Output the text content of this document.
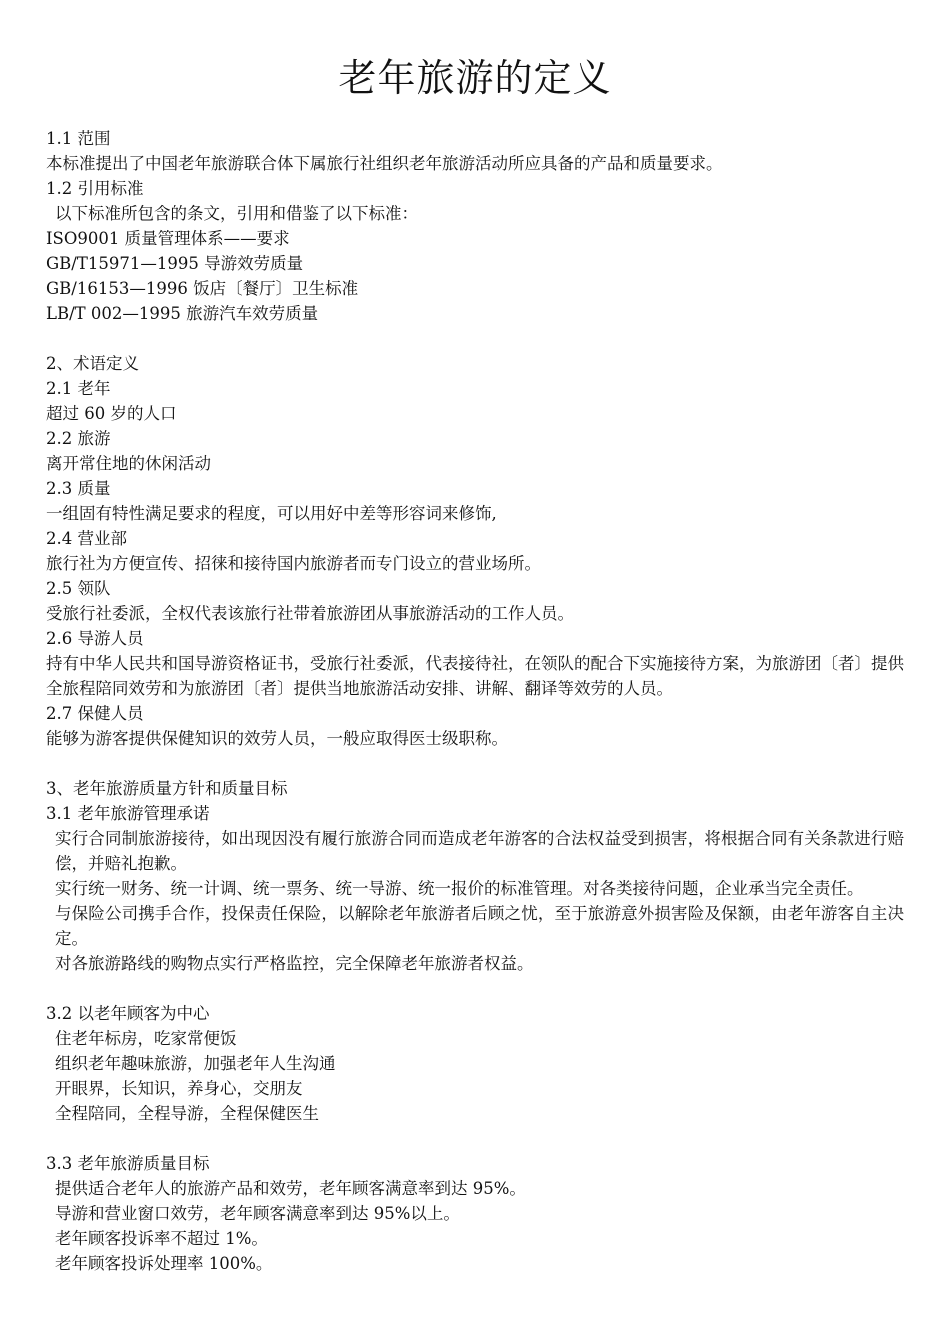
老年旅游的定义
1.1 范围
本标准提出了中国老年旅游联合体下属旅行社组织老年旅游活动所应具备的产品和质量要求。
1.2 引用标准
以下标准所包含的条文，引用和借鉴了以下标准：
ISO9001 质量管理体系——要求
GB/T15971—1995 导游效劳质量
GB/16153—1996 饭店〔餐厅〕卫生标准
LB/T 002—1995 旅游汽车效劳质量
2、术语定义
2.1 老年
超过 60 岁的人口
2.2 旅游
离开常住地的休闲活动
2.3 质量
一组固有特性满足要求的程度，可以用好中差等形容词来修饰,
2.4 营业部
旅行社为方便宣传、招徕和接待国内旅游者而专门设立的营业场所。
2.5 领队
受旅行社委派，全权代表该旅行社带着旅游团从事旅游活动的工作人员。
2.6 导游人员
持有中华人民共和国导游资格证书，受旅行社委派，代表接待社，在领队的配合下实施接待方案，为旅游团〔者〕提供全旅程陪同效劳和为旅游团〔者〕提供当地旅游活动安排、讲解、翻译等效劳的人员。
2.7 保健人员
能够为游客提供保健知识的效劳人员，一般应取得医士级职称。
3、老年旅游质量方针和质量目标
3.1 老年旅游管理承诺
实行合同制旅游接待，如出现因没有履行旅游合同而造成老年游客的合法权益受到损害，将根据合同有关条款进行赔偿，并赔礼抱歉。
实行统一财务、统一计调、统一票务、统一导游、统一报价的标准管理。对各类接待问题，企业承当完全责任。
与保险公司携手合作，投保责任保险，以解除老年旅游者后顾之忧，至于旅游意外损害险及保额，由老年游客自主决定。
对各旅游路线的购物点实行严格监控，完全保障老年旅游者权益。
3.2 以老年顾客为中心
住老年标房，吃家常便饭
组织老年趣味旅游，加强老年人生沟通
开眼界，长知识，养身心，交朋友
全程陪同，全程导游，全程保健医生
3.3 老年旅游质量目标
提供适合老年人的旅游产品和效劳，老年顾客满意率到达 95%。
导游和营业窗口效劳，老年顾客满意率到达 95%以上。
老年顾客投诉率不超过 1%。
老年顾客投诉处理率 100%。
